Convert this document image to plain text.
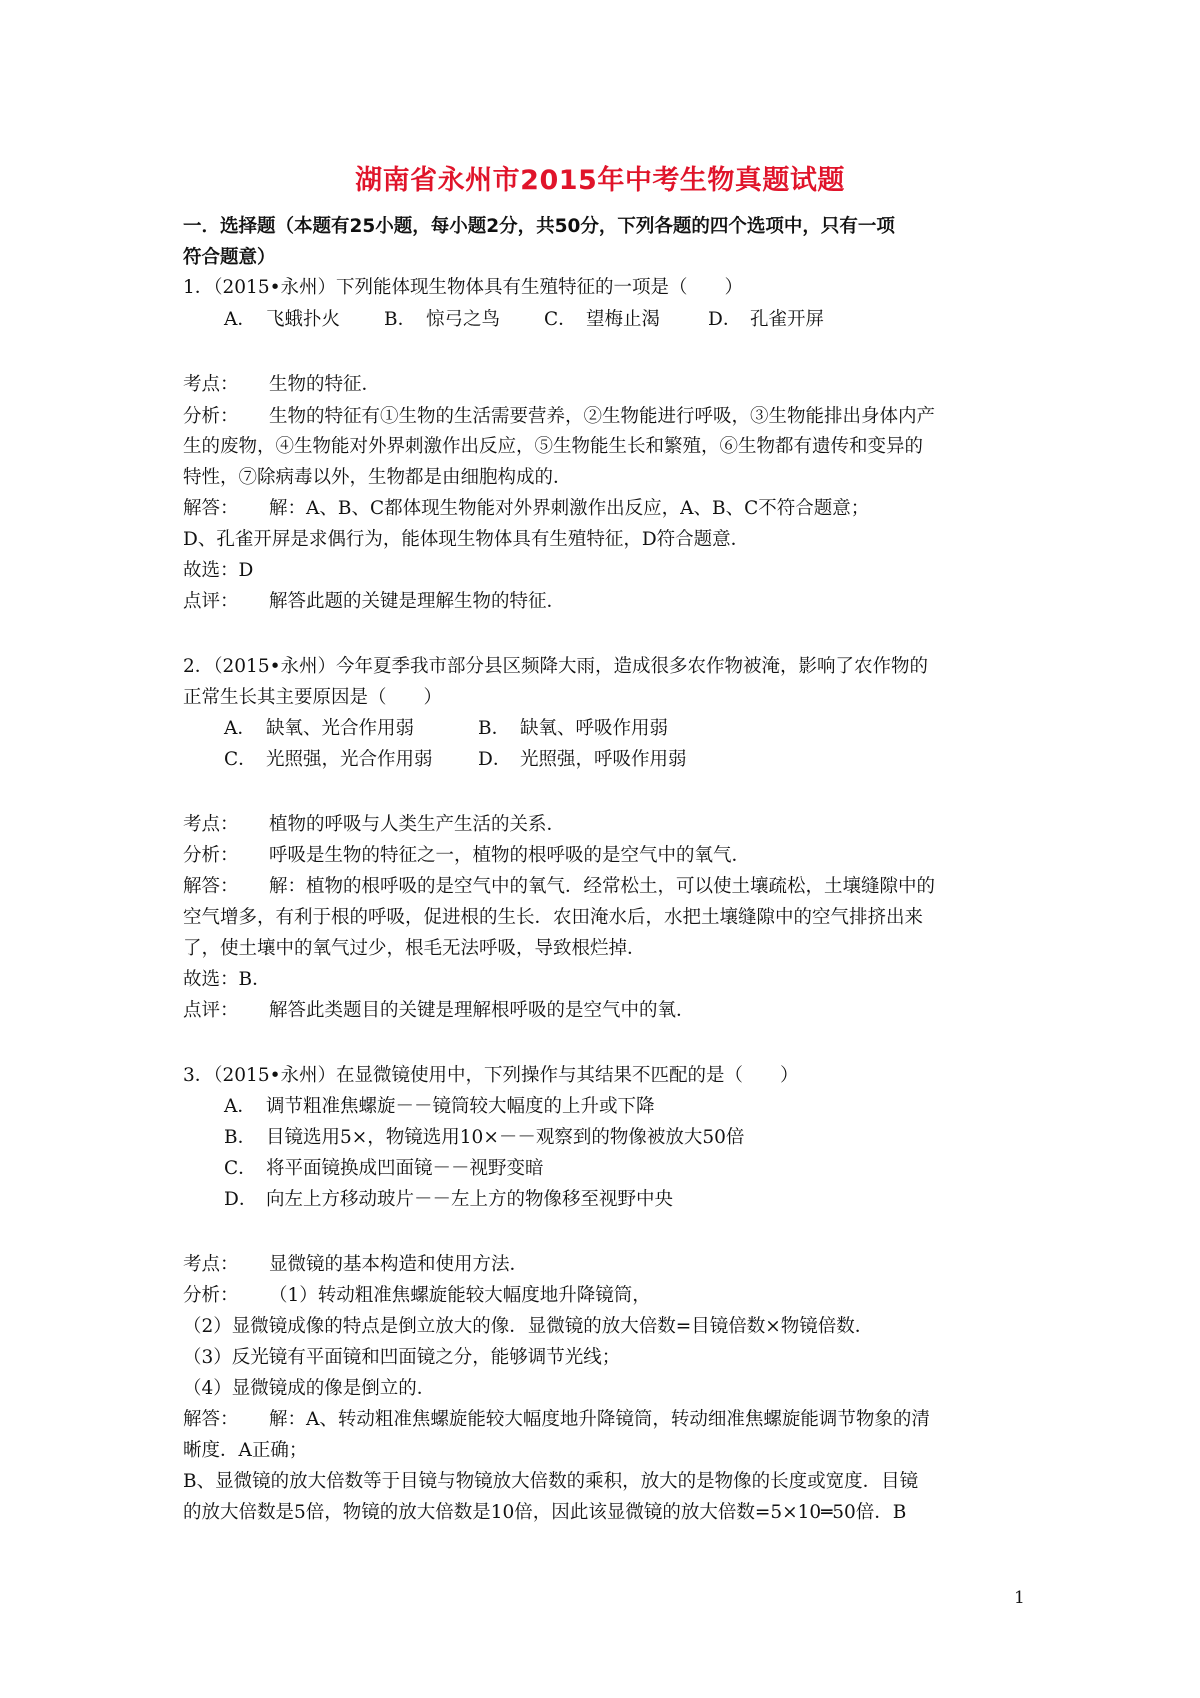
湖南省永州市2015年中考生物真题试题
一．选择题（本题有25小题，每小题2分，共50分，下列各题的四个选项中，只有一项
符合题意）
1．（2015•永州）下列能体现生物体具有生殖特征的一项是（　　）
A． 飞蛾扑火 B． 惊弓之鸟 C． 望梅止渴	D． 孔雀开屏
考点： 生物的特征．
分析： 生物的特征有①生物的生活需要营养，②生物能进行呼吸，③生物能排出身体内产
生的废物，④生物能对外界刺激作出反应，⑤生物能生长和繁殖，⑥生物都有遗传和变异的
特性，⑦除病毒以外，生物都是由细胞构成的．
解答： 解：A、B、C都体现生物能对外界刺激作出反应，A、B、C不符合题意；
D、孔雀开屏是求偶行为，能体现生物体具有生殖特征，D符合题意．
故选：D
点评： 解答此题的关键是理解生物的特征．
2．（2015•永州）今年夏季我市部分县区频降大雨，造成很多农作物被淹，影响了农作物的
正常生长其主要原因是（　　）
A． 缺氧、光合作用弱	B． 缺氧、呼吸作用弱
C． 光照强，光合作用弱 D． 光照强，呼吸作用弱
考点： 植物的呼吸与人类生产生活的关系．
分析： 呼吸是生物的特征之一，植物的根呼吸的是空气中的氧气．
解答： 解：植物的根呼吸的是空气中的氧气．经常松土，可以使土壤疏松，土壤缝隙中的
空气增多，有利于根的呼吸，促进根的生长．农田淹水后，水把土壤缝隙中的空气排挤出来
了，使土壤中的氧气过少，根毛无法呼吸，导致根烂掉．
故选：B．
点评： 解答此类题目的关键是理解根呼吸的是空气中的氧．
3．（2015•永州）在显微镜使用中，下列操作与其结果不匹配的是（　　）
A． 调节粗准焦螺旋－－镜筒较大幅度的上升或下降
B． 目镜选用5×，物镜选用10×－－观察到的物像被放大50倍
C． 将平面镜换成凹面镜－－视野变暗
D． 向左上方移动玻片－－左上方的物像移至视野中央
考点： 显微镜的基本构造和使用方法．
分析： （1）转动粗准焦螺旋能较大幅度地升降镜筒，
（2）显微镜成像的特点是倒立放大的像．显微镜的放大倍数=目镜倍数×物镜倍数．
（3）反光镜有平面镜和凹面镜之分，能够调节光线；
（4）显微镜成的像是倒立的．
解答： 解：A、转动粗准焦螺旋能较大幅度地升降镜筒，转动细准焦螺旋能调节物象的清
晰度．A正确；
B、显微镜的放大倍数等于目镜与物镜放大倍数的乘积，放大的是物像的长度或宽度．目镜
的放大倍数是5倍，物镜的放大倍数是10倍，因此该显微镜的放大倍数=5×10═50倍．B
1
